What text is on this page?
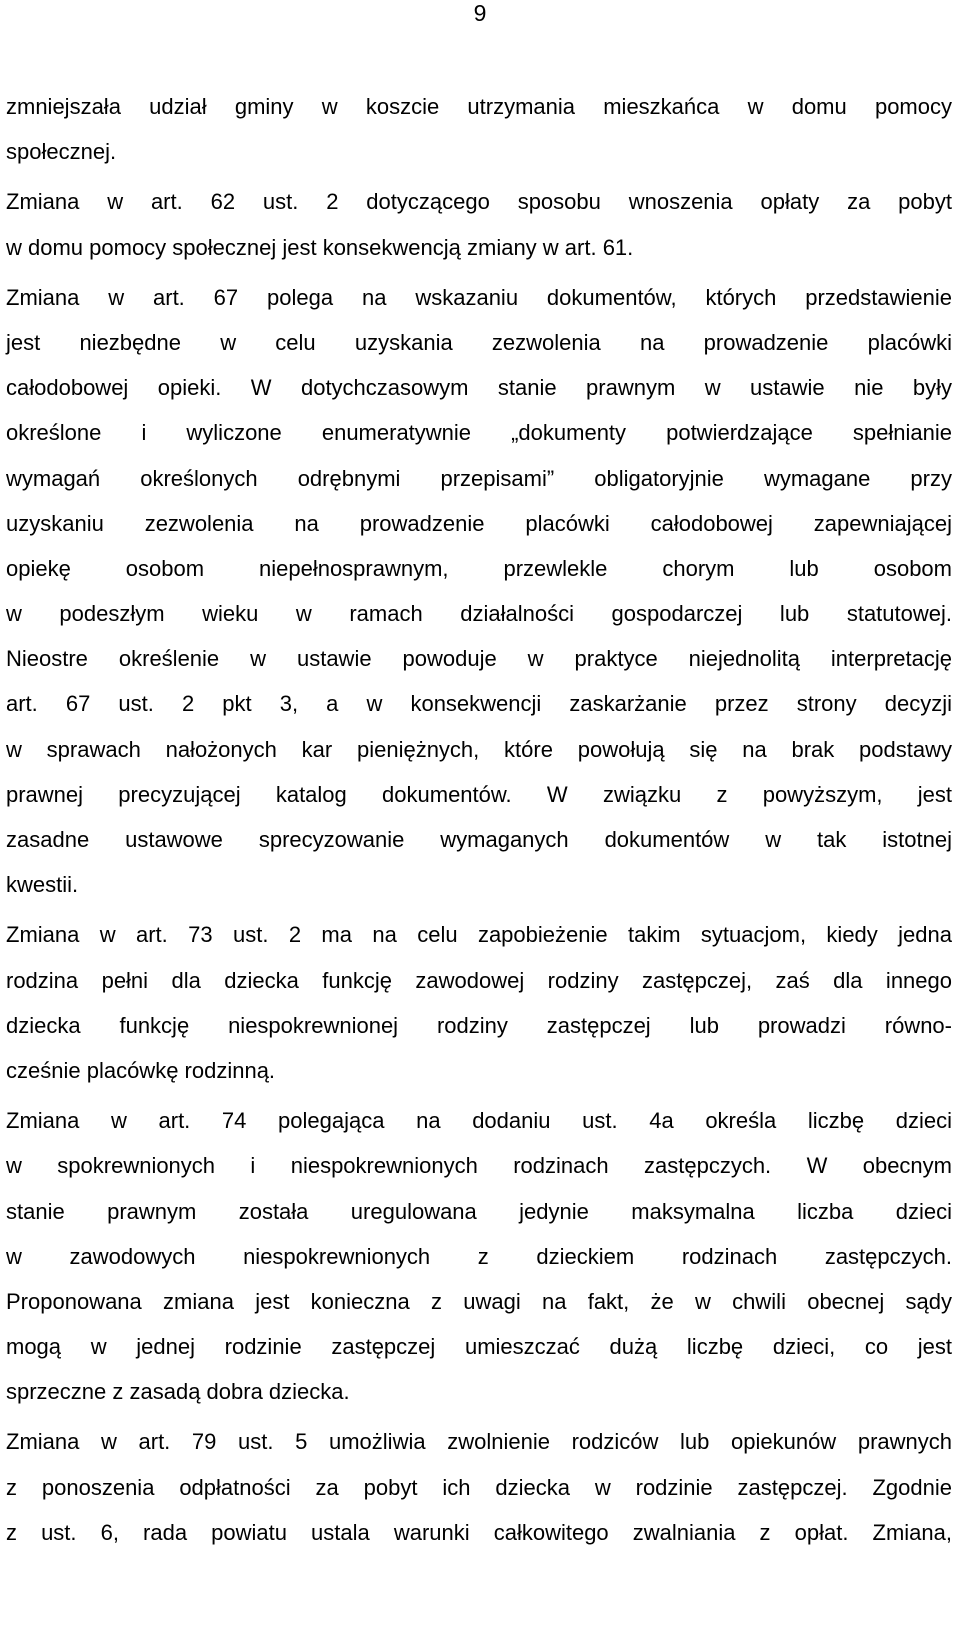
9
zmniejszała udział gminy w koszcie utrzymania mieszkańca w domu pomocy
społecznej.
Zmiana w art. 62 ust. 2 dotyczącego sposobu wnoszenia opłaty za pobyt
w domu pomocy społecznej jest konsekwencją zmiany w art. 61.
Zmiana w art. 67 polega na wskazaniu dokumentów, których przedstawienie
jest niezbędne w celu uzyskania zezwolenia na prowadzenie placówki
całodobowej opieki. W dotychczasowym stanie prawnym w ustawie nie były
określone i wyliczone enumeratywnie „dokumenty potwierdzające spełnianie
wymagań określonych odrębnymi przepisami” obligatoryjnie wymagane przy
uzyskaniu zezwolenia na prowadzenie placówki całodobowej zapewniającej
opiekę osobom niepełnosprawnym, przewlekle chorym lub osobom
w podeszłym wieku w ramach działalności gospodarczej lub statutowej.
Nieostre określenie w ustawie powoduje w praktyce niejednolitą interpretację
art. 67 ust. 2 pkt 3, a w konsekwencji zaskarżanie przez strony decyzji
w sprawach nałożonych kar pieniężnych, które powołują się na brak podstawy
prawnej precyzującej katalog dokumentów. W związku z powyższym, jest
zasadne ustawowe sprecyzowanie wymaganych dokumentów w tak istotnej
kwestii.
Zmiana w art. 73 ust. 2 ma na celu zapobieżenie takim sytuacjom, kiedy jedna
rodzina pełni dla dziecka funkcję zawodowej rodziny zastępczej, zaś dla innego
dziecka funkcję niespokrewnionej rodziny zastępczej lub prowadzi równo-
cześnie placówkę rodzinną.
Zmiana w art. 74 polegająca na dodaniu ust. 4a określa liczbę dzieci
w spokrewnionych i niespokrewnionych rodzinach zastępczych. W obecnym
stanie prawnym została uregulowana jedynie maksymalna liczba dzieci
w zawodowych niespokrewnionych z dzieckiem rodzinach zastępczych.
Proponowana zmiana jest konieczna z uwagi na fakt, że w chwili obecnej sądy
mogą w jednej rodzinie zastępczej umieszczać dużą liczbę dzieci, co jest
sprzeczne z zasadą dobra dziecka.
Zmiana w art. 79 ust. 5 umożliwia zwolnienie rodziców lub opiekunów prawnych
z ponoszenia odpłatności za pobyt ich dziecka w rodzinie zastępczej. Zgodnie
z ust. 6, rada powiatu ustala warunki całkowitego zwalniania z opłat. Zmiana,
